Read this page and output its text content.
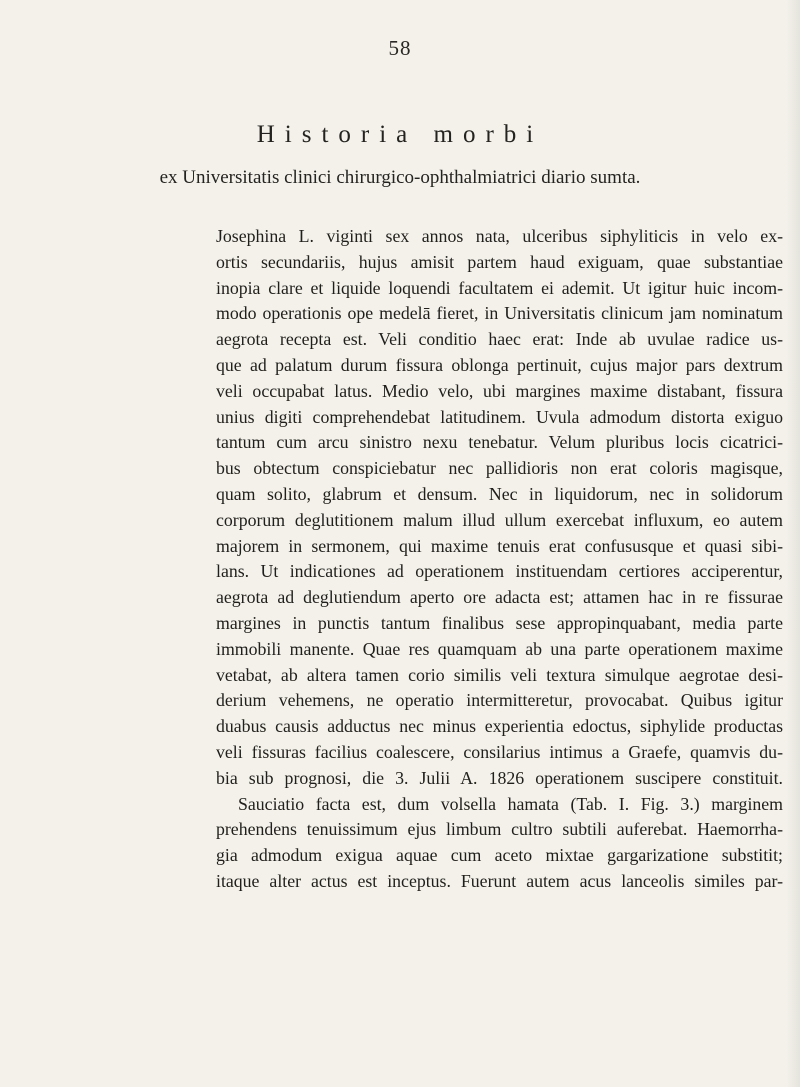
58
Historia morbi
ex Universitatis clinici chirurgico-ophthalmiatrici diario sumta.
Josephina L. viginti sex annos nata, ulceribus siphyliticis in velo ex-
ortis secundariis, hujus amisit partem haud exiguam, quae substantiae
inopia clare et liquide loquendi facultatem ei ademit. Ut igitur huic incom-
modo operationis ope medelā fieret, in Universitatis clinicum jam nominatum
aegrota recepta est. Veli conditio haec erat: Inde ab uvulae radice us-
que ad palatum durum fissura oblonga pertinuit, cujus major pars dextrum
veli occupabat latus. Medio velo, ubi margines maxime distabant, fissura
unius digiti comprehendebat latitudinem. Uvula admodum distorta exiguo
tantum cum arcu sinistro nexu tenebatur. Velum pluribus locis cicatrici-
bus obtectum conspiciebatur nec pallidioris non erat coloris magisque,
quam solito, glabrum et densum. Nec in liquidorum, nec in solidorum
corporum deglutitionem malum illud ullum exercebat influxum, eo autem
majorem in sermonem, qui maxime tenuis erat confususque et quasi sibi-
lans. Ut indicationes ad operationem instituendam certiores acciperentur,
aegrota ad deglutiendum aperto ore adacta est; attamen hac in re fissurae
margines in punctis tantum finalibus sese appropinquabant, media parte
immobili manente. Quae res quamquam ab una parte operationem maxime
vetabat, ab altera tamen corio similis veli textura simulque aegrotae desi-
derium vehemens, ne operatio intermitteretur, provocabat. Quibus igitur
duabus causis adductus nec minus experientia edoctus, siphylide productas
veli fissuras facilius coalescere, consilarius intimus a Graefe, quamvis du-
bia sub prognosi, die 3. Julii A. 1826 operationem suscipere constituit.
Sauciatio facta est, dum volsella hamata (Tab. I. Fig. 3.) marginem
prehendens tenuissimum ejus limbum cultro subtili auferebat. Haemorrha-
gia admodum exigua aquae cum aceto mixtae gargarizatione substitit;
itaque alter actus est inceptus. Fuerunt autem acus lanceolis similes par-
